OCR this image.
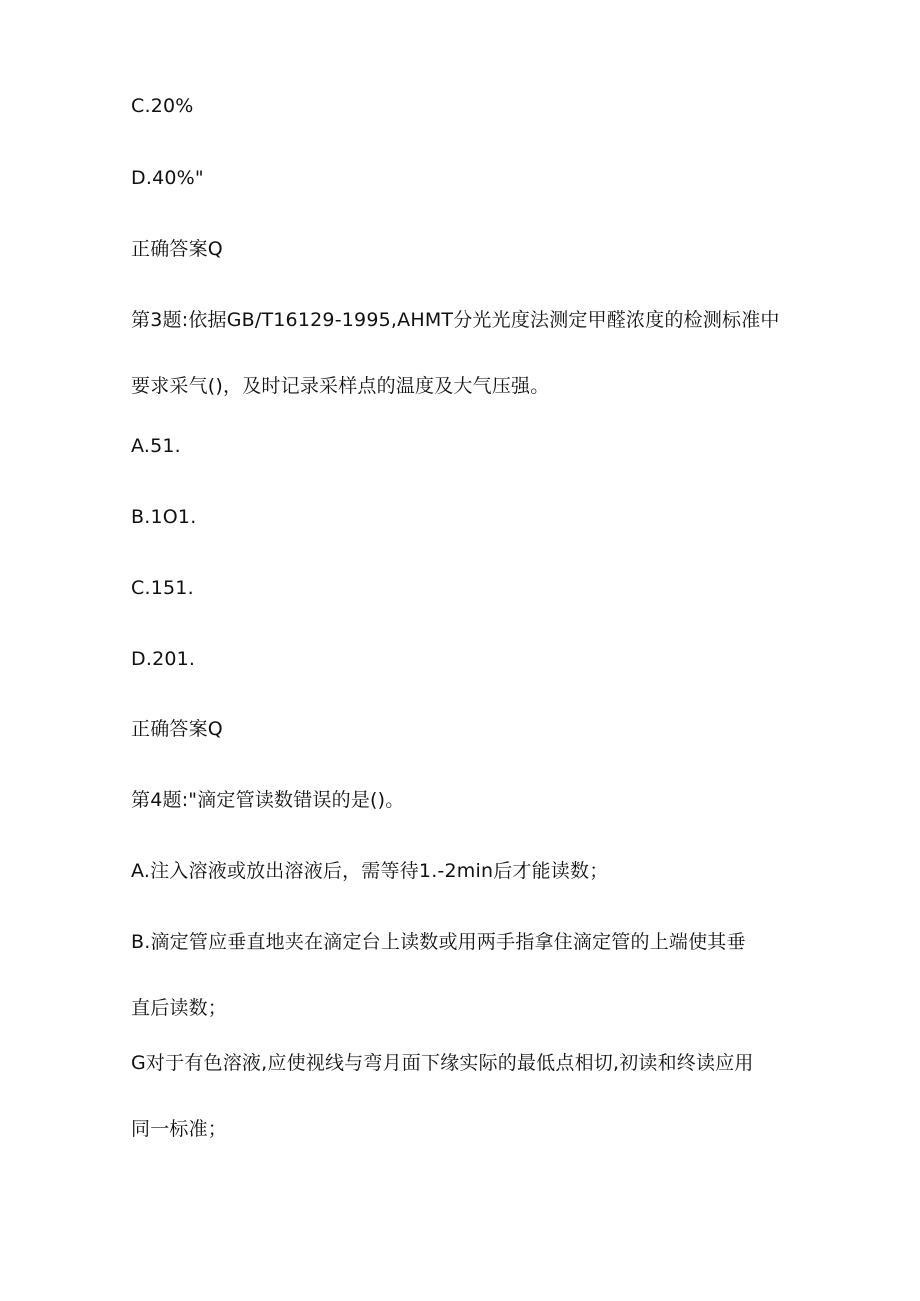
C.20%
D.40%"
正确答案Q
第3题:依据GB/T16129-1995,AHMT分光光度法测定甲醛浓度的检测标准中
要求采气()，及时记录采样点的温度及大气压强。
A.51.
B.1O1.
C.151.
D.201.
正确答案Q
第4题:"滴定管读数错误的是()。
A.注入溶液或放出溶液后，需等待1.-2min后才能读数；
B.滴定管应垂直地夹在滴定台上读数或用两手指拿住滴定管的上端使其垂
直后读数；
G对于有色溶液,应使视线与弯月面下缘实际的最低点相切,初读和终读应用
同一标准；
